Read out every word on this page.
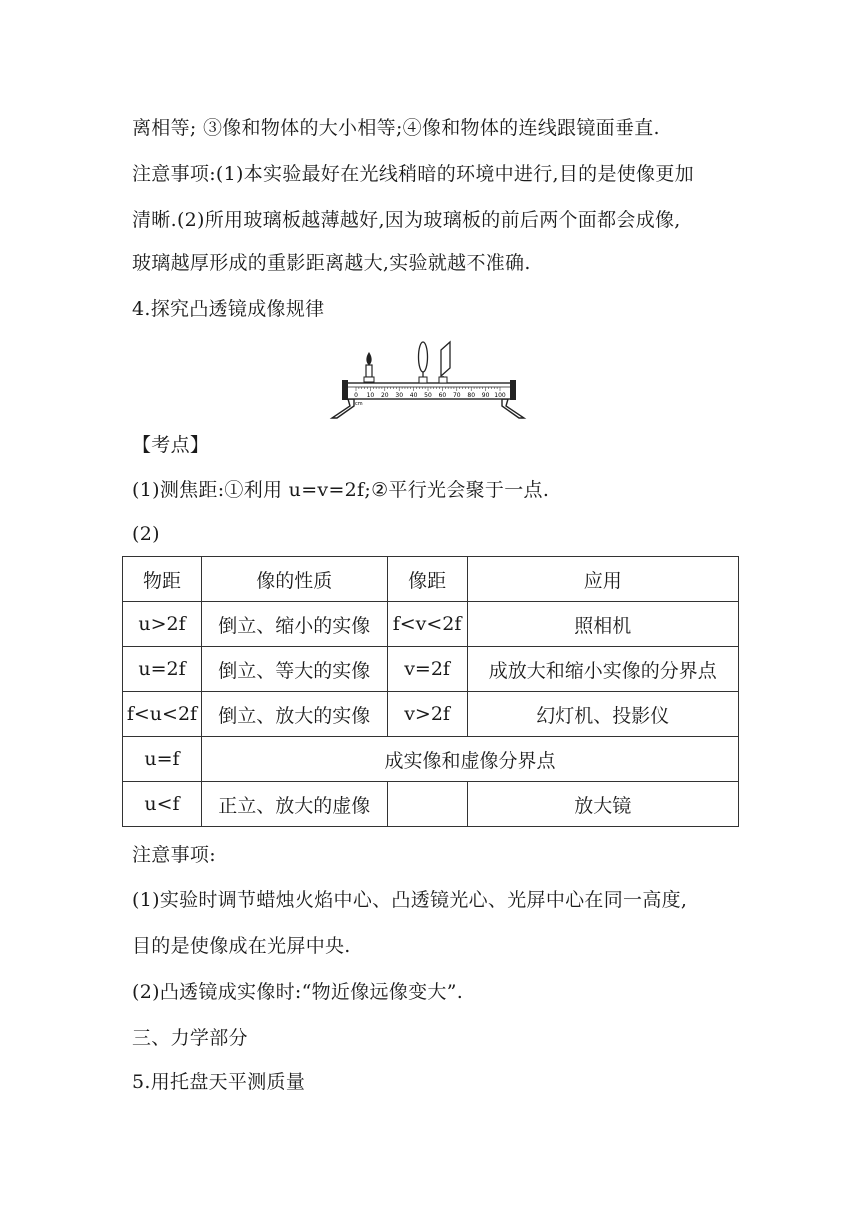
离相等; ③像和物体的大小相等;④像和物体的连线跟镜面垂直.
注意事项:(1)本实验最好在光线稍暗的环境中进行,目的是使像更加
清晰.(2)所用玻璃板越薄越好,因为玻璃板的前后两个面都会成像,
玻璃越厚形成的重影距离越大,实验就越不准确.
4.探究凸透镜成像规律
0 10 20 30 40 50 60 70 80 90 100
cm
【考点】
(1)测焦距:①利用 u=v=2f;②平行光会聚于一点.
(2)
物距	像的性质	像距	应用
u>2f	倒立、缩小的实像	f<v<2f	照相机
u=2f	倒立、等大的实像	v=2f	成放大和缩小实像的分界点
f<u<2f	倒立、放大的实像	v>2f	幻灯机、投影仪
u=f	成实像和虚像分界点		
u<f	正立、放大的虚像		放大镜
注意事项:
(1)实验时调节蜡烛火焰中心、凸透镜光心、光屏中心在同一高度,
目的是使像成在光屏中央.
(2)凸透镜成实像时:“物近像远像变大”.
三、力学部分
5.用托盘天平测质量
